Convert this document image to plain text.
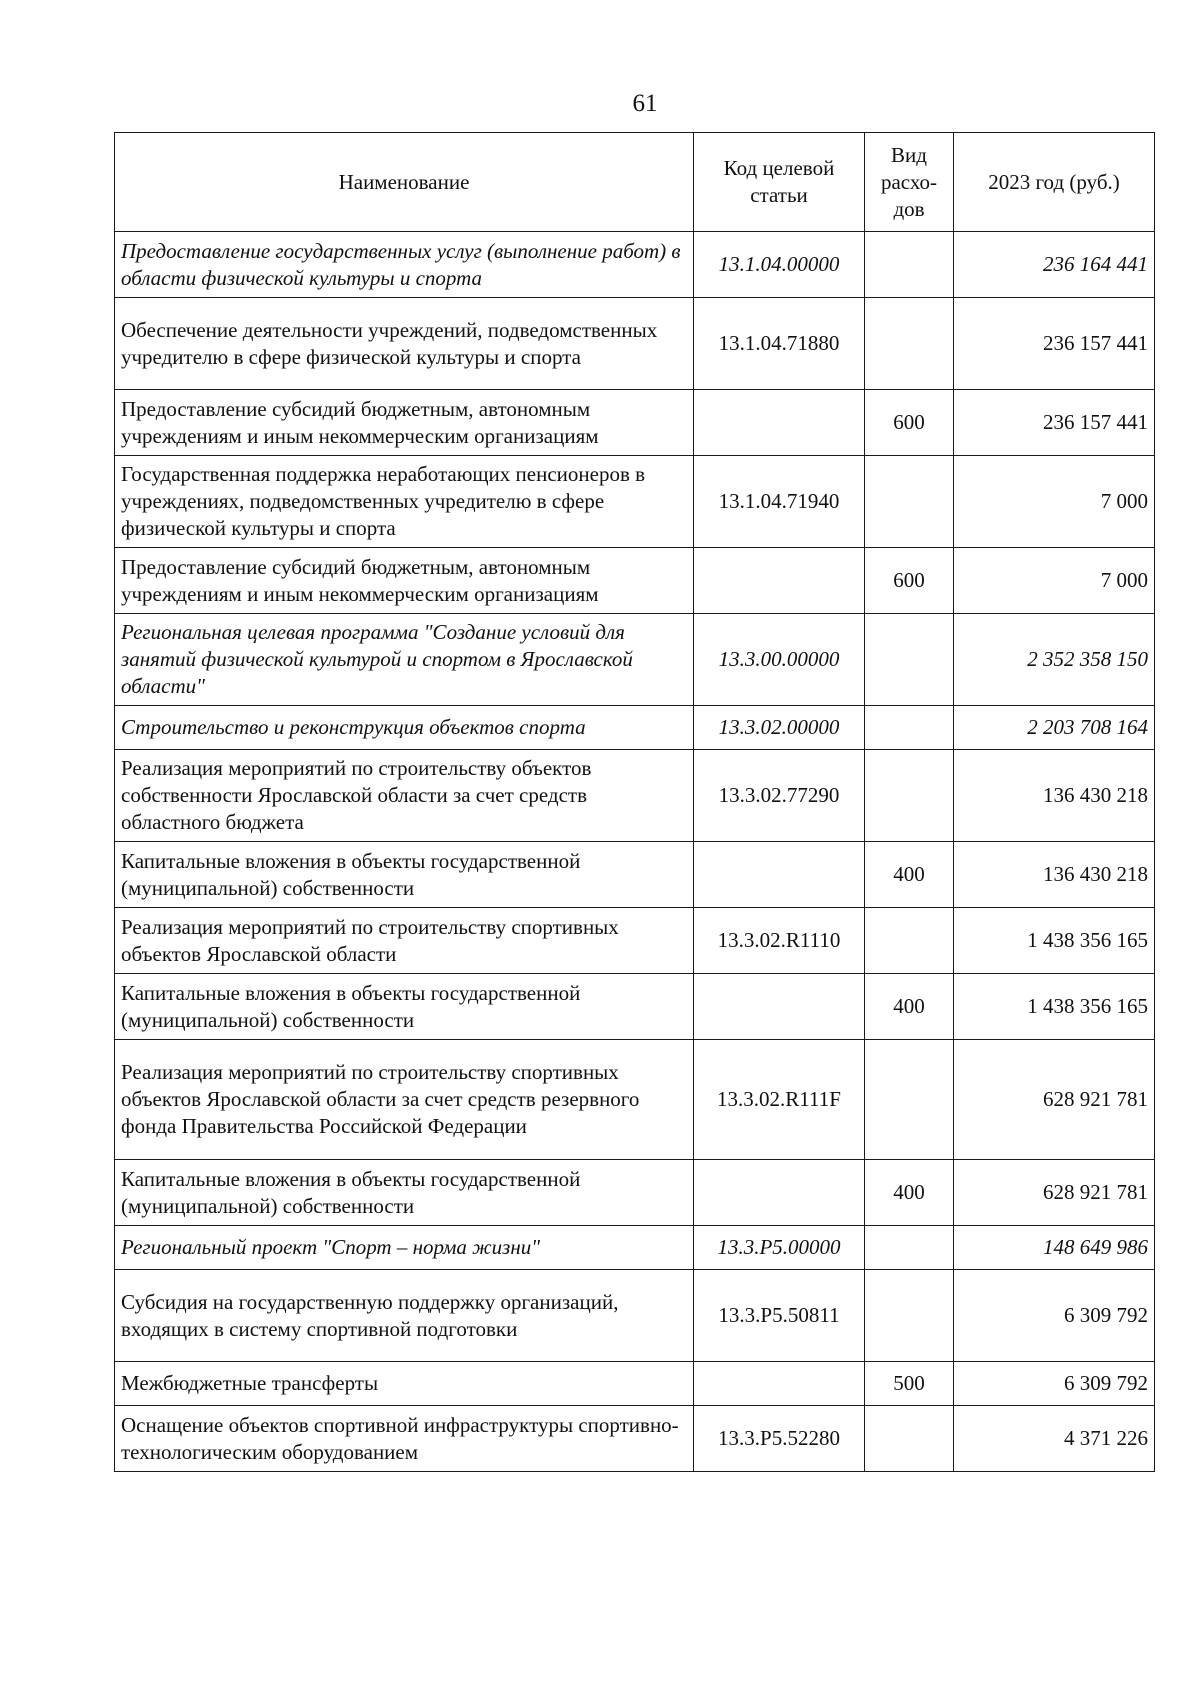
61
Наименование	Код целевой статьи	Вид расхо-дов	2023 год (руб.)
Предоставление государственных услуг (выполнение работ) в области физической культуры и спорта	13.1.04.00000		236 164 441
Обеспечение деятельности учреждений, подведомственных учредителю в сфере физической культуры и спорта	13.1.04.71880		236 157 441
Предоставление субсидий бюджетным, автономным учреждениям и иным некоммерческим организациям		600	236 157 441
Государственная поддержка неработающих пенсионеров в учреждениях, подведомственных учредителю в сфере физической культуры и спорта	13.1.04.71940		7 000
Предоставление субсидий бюджетным, автономным учреждениям и иным некоммерческим организациям		600	7 000
Региональная целевая программа "Создание условий для занятий физической культурой и спортом в Ярославской области"	13.3.00.00000		2 352 358 150
Строительство и реконструкция объектов спорта	13.3.02.00000		2 203 708 164
Реализация мероприятий по строительству объектов собственности Ярославской области за счет средств областного бюджета	13.3.02.77290		136 430 218
Капитальные вложения в объекты государственной (муниципальной) собственности		400	136 430 218
Реализация мероприятий по строительству спортивных объектов Ярославской области	13.3.02.R1110		1 438 356 165
Капитальные вложения в объекты государственной (муниципальной) собственности		400	1 438 356 165
Реализация мероприятий по строительству спортивных объектов Ярославской области за счет средств резервного фонда Правительства Российской Федерации	13.3.02.R111F		628 921 781
Капитальные вложения в объекты государственной (муниципальной) собственности		400	628 921 781
Региональный проект "Спорт – норма жизни"	13.3.P5.00000		148 649 986
Субсидия на государственную поддержку организаций, входящих в систему спортивной подготовки	13.3.P5.50811		6 309 792
Межбюджетные трансферты		500	6 309 792
Оснащение объектов спортивной инфраструктуры спортивно-технологическим оборудованием	13.3.P5.52280		4 371 226
